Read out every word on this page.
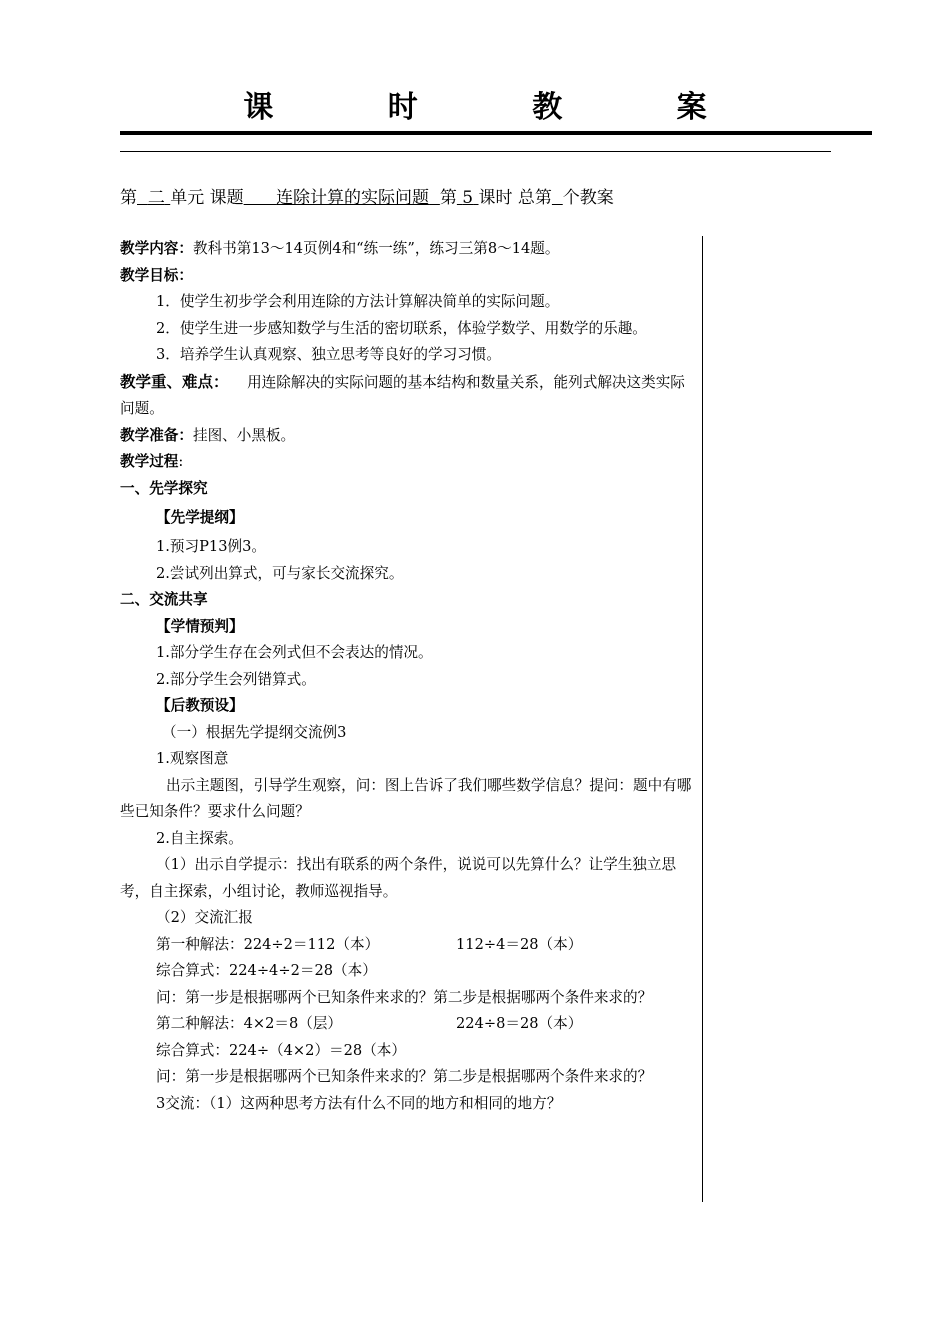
课 时 教 案
第 二 单元 课题 连除计算的实际问题 第 5 课时 总第 个教案

教学内容：教科书第13～14页例4和“练一练”，练习三第8～14题。

教学目标：

1．使学生初步学会利用连除的方法计算解决简单的实际问题。

2．使学生进一步感知数学与生活的密切联系，体验学数学、用数学的乐趣。

3．培养学生认真观察、独立思考等良好的学习习惯。

教学重、难点： 用连除解决的实际问题的基本结构和数量关系，能列式解决这类实际问题。

教学准备：挂图、小黑板。

教学过程:

一、先学探究

【先学提纲】

1.预习P13例3。

2.尝试列出算式，可与家长交流探究。

二、交流共享

【学情预判】

1.部分学生存在会列式但不会表达的情况。

2.部分学生会列错算式。

【后教预设】

（一）根据先学提纲交流例3

1.观察图意

出示主题图，引导学生观察，问：图上告诉了我们哪些数学信息？提问：题中有哪些已知条件？要求什么问题？

2.自主探索。

（1）出示自学提示：找出有联系的两个条件，说说可以先算什么？让学生独立思考，自主探索，小组讨论，教师巡视指导。

（2）交流汇报

第一种解法：224÷2＝112（本）	112÷4＝28（本）

综合算式：224÷4÷2＝28（本）

问：第一步是根据哪两个已知条件来求的？第二步是根据哪两个条件来求的？

第二种解法：4×2＝8（层）	224÷8＝28（本）

综合算式：224÷（4×2）＝28（本）

问：第一步是根据哪两个已知条件来求的？第二步是根据哪两个条件来求的？

3交流：（1）这两种思考方法有什么不同的地方和相同的地方？
